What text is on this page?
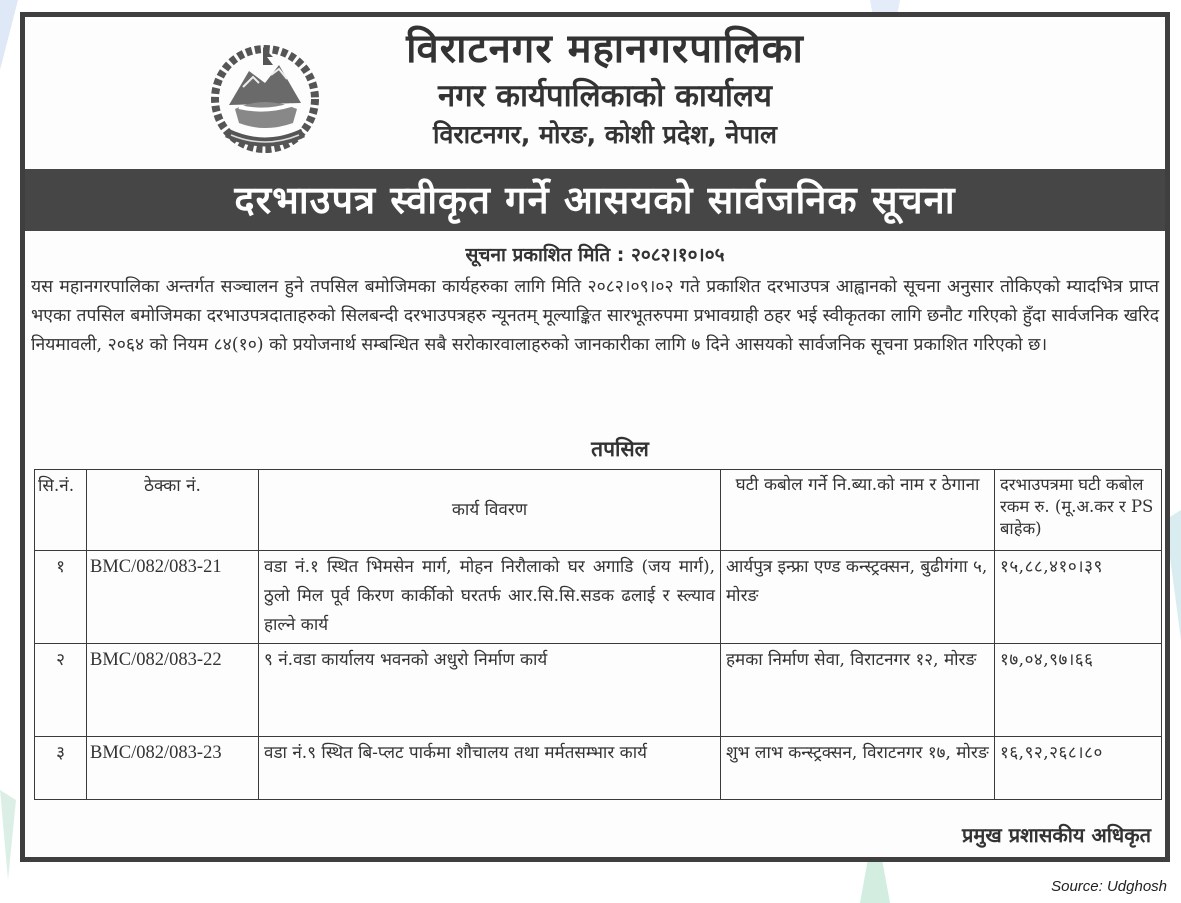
विराटनगर महानगरपालिका
नगर कार्यपालिकाको कार्यालय
विराटनगर, मोरङ, कोशी प्रदेश, नेपाल
दरभाउपत्र स्वीकृत गर्ने आसयको सार्वजनिक सूचना
सूचना प्रकाशित मिति : २०८२।१०।०५
यस महानगरपालिका अन्तर्गत सञ्चालन हुने तपसिल बमोजिमका कार्यहरुका लागि मिति २०८२।०९।०२ गते प्रकाशित दरभाउपत्र आह्वानको सूचना अनुसार तोकिएको म्यादभित्र प्राप्त भएका तपसिल बमोजिमका दरभाउपत्रदाताहरुको सिलबन्दी दरभाउपत्रहरु न्यूनतम् मूल्याङ्कित सारभूतरुपमा प्रभावग्राही ठहर भई स्वीकृतका लागि छनौट गरिएको हुँदा सार्वजनिक खरिद नियमावली, २०६४ को नियम ८४(१०) को प्रयोजनार्थ सम्बन्धित सबै सरोकारवालाहरुको जानकारीका लागि ७ दिने आसयको सार्वजनिक सूचना प्रकाशित गरिएको छ।
तपसिल
सि.नं.	ठेक्का नं.	कार्य विवरण	घटी कबोल गर्ने नि.ब्या.को नाम र ठेगाना	दरभाउपत्रमा घटी कबोल रकम रु. (मू.अ.कर र PS बाहेक)
१	BMC/082/083-21	वडा नं.१ स्थित भिमसेन मार्ग, मोहन निरौलाको घर अगाडि (जय मार्ग), ठुलो मिल पूर्व किरण कार्कीको घरतर्फ आर.सि.सि.सडक ढलाई र स्ल्याव हाल्ने कार्य	आर्यपुत्र इन्फ्रा एण्ड कन्स्ट्रक्सन, बुढीगंगा ५, मोरङ	१५,८८,४१०।३९
२	BMC/082/083-22	९ नं.वडा कार्यालय भवनको अधुरो निर्माण कार्य	हमका निर्माण सेवा, विराटनगर १२, मोरङ	१७,०४,९७।६६
३	BMC/082/083-23	वडा नं.९ स्थित बि-प्लट पार्कमा शौचालय तथा मर्मतसम्भार कार्य	शुभ लाभ कन्स्ट्रक्सन, विराटनगर १७, मोरङ	१६,९२,२६८।८०
प्रमुख प्रशासकीय अधिकृत
Source: Udghosh
